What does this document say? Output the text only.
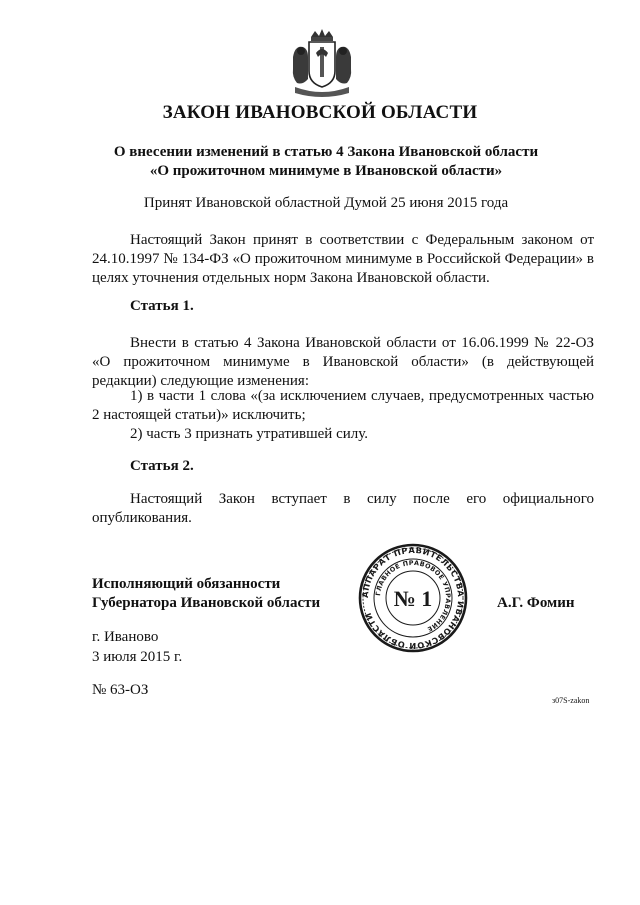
ЗАКОН ИВАНОВСКОЙ ОБЛАСТИ
О внесении изменений в статью 4 Закона Ивановской области
«О прожиточном минимуме в Ивановской области»
Принят Ивановской областной Думой 25 июня 2015 года
Настоящий Закон принят в соответствии с Федеральным законом от 24.10.1997 № 134-ФЗ «О прожиточном минимуме в Российской Федерации» в целях уточнения отдельных норм Закона Ивановской области.
Статья 1.
Внести в статью 4 Закона Ивановской области от 16.06.1999 № 22-ОЗ «О прожиточном минимуме в Ивановской области» (в действующей редакции) следующие изменения:
1) в части 1 слова «(за исключением случаев, предусмотренных частью 2 настоящей статьи)» исключить;
2) часть 3 признать утратившей силу.
Статья 2.
Настоящий Закон вступает в силу после его официального опубликования.
Исполняющий обязанности
Губернатора Ивановской области
АППАРАТ ПРАВИТЕЛЬСТВА ИВАНОВСКОЙ ОБЛАСТИ
ГЛАВНОЕ ПРАВОВОЕ УПРАВЛЕНИЕ
№ 1	А.Г. Фомин
г. Иваново
3 июля 2015 г.
№ 63-ОЗ
з07S-zakon
